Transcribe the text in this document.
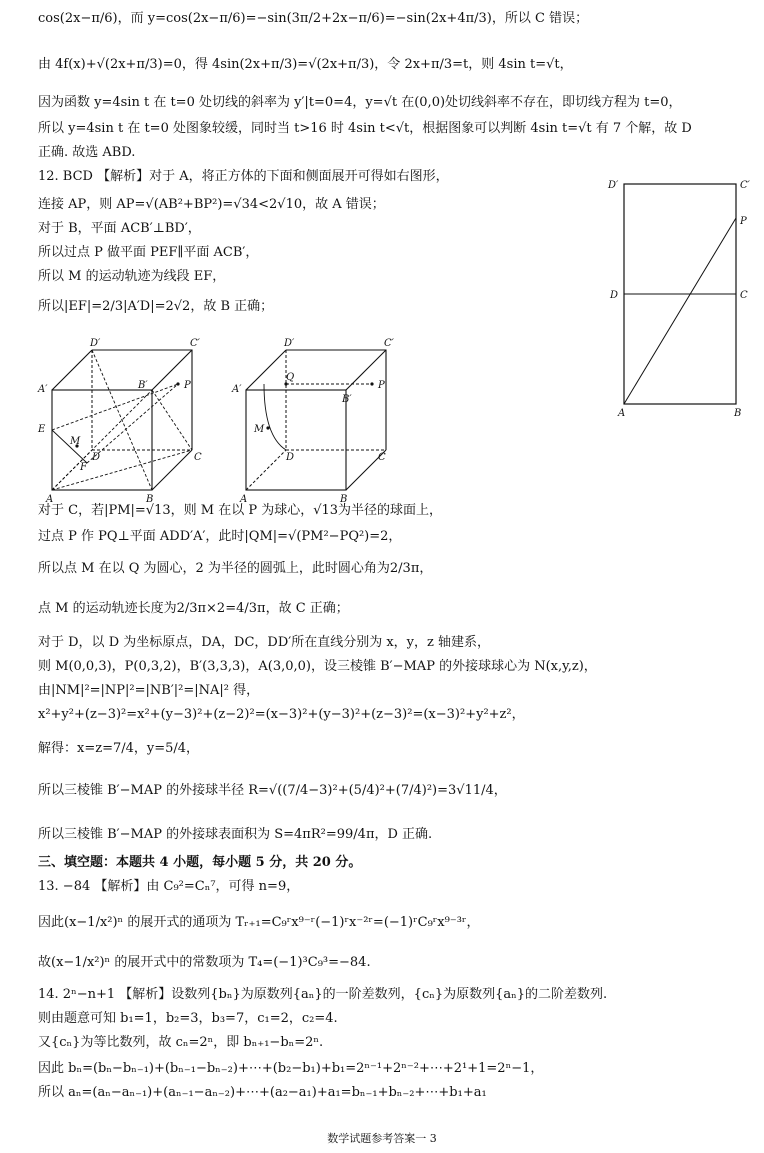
cos(2x−π/6)，而 y=cos(2x−π/6)=−sin(3π/2+2x−π/6)=−sin(2x+4π/3)，所以 C 错误；
由 4f(x)+√(2x+π/3)=0，得 4sin(2x+π/3)=√(2x+π/3)，令 2x+π/3=t，则 4sin t=√t，
因为函数 y=4sin t 在 t=0 处切线的斜率为 y′|t=0=4，y=√t 在(0,0)处切线斜率不存在，即切线方程为 t=0，
所以 y=4sin t 在 t=0 处图象较缓，同时当 t>16 时 4sin t<√t，根据图象可以判断 4sin t=√t 有 7 个解，故 D
正确. 故选 ABD.
12. BCD 【解析】对于 A，将正方体的下面和侧面展开可得如右图形，
连接 AP，则 AP=√(AB²+BP²)=√34<2√10，故 A 错误；
对于 B，平面 ACB′⊥BD′，
所以过点 P 做平面 PEF∥平面 ACB′，
所以 M 的运动轨迹为线段 EF，
所以|EF|=2/3|A′D|=2√2，故 B 正确；
对于 C，若|PM|=√13，则 M 在以 P 为球心，√13为半径的球面上，
过点 P 作 PQ⊥平面 ADD′A′，此时|QM|=√(PM²−PQ²)=2，
所以点 M 在以 Q 为圆心，2 为半径的圆弧上，此时圆心角为2/3π，
点 M 的运动轨迹长度为2/3π×2=4/3π，故 C 正确；
对于 D，以 D 为坐标原点，DA，DC，DD′所在直线分别为 x，y，z 轴建系，
则 M(0,0,3)，P(0,3,2)，B′(3,3,3)，A(3,0,0)，设三棱锥 B′−MAP 的外接球球心为 N(x,y,z)，
由|NM|²=|NP|²=|NB′|²=|NA|² 得，
x²+y²+(z−3)²=x²+(y−3)²+(z−2)²=(x−3)²+(y−3)²+(z−3)²=(x−3)²+y²+z²，
解得：x=z=7/4，y=5/4，
所以三棱锥 B′−MAP 的外接球半径 R=√((7/4−3)²+(5/4)²+(7/4)²)=3√11/4，
所以三棱锥 B′−MAP 的外接球表面积为 S=4πR²=99/4π，D 正确.
三、填空题：本题共 4 小题，每小题 5 分，共 20 分。
13. −84 【解析】由 C₉²=Cₙ⁷，可得 n=9，
因此(x−1/x²)ⁿ 的展开式的通项为 Tᵣ₊₁=C₉ʳx⁹⁻ʳ(−1)ʳx⁻²ʳ=(−1)ʳC₉ʳx⁹⁻³ʳ，
故(x−1/x²)ⁿ 的展开式中的常数项为 T₄=(−1)³C₉³=−84.
14. 2ⁿ−n+1 【解析】设数列{bₙ}为原数列{aₙ}的一阶差数列，{cₙ}为原数列{aₙ}的二阶差数列.
则由题意可知 b₁=1，b₂=3，b₃=7，c₁=2，c₂=4.
又{cₙ}为等比数列，故 cₙ=2ⁿ，即 bₙ₊₁−bₙ=2ⁿ.
因此 bₙ=(bₙ−bₙ₋₁)+(bₙ₋₁−bₙ₋₂)+⋯+(b₂−b₁)+b₁=2ⁿ⁻¹+2ⁿ⁻²+⋯+2¹+1=2ⁿ−1，
所以 aₙ=(aₙ−aₙ₋₁)+(aₙ₋₁−aₙ₋₂)+⋯+(a₂−a₁)+a₁=bₙ₋₁+bₙ₋₂+⋯+b₁+a₁
D′	C′
P
D	C
A	B
D′	C′
A′	B′	P
E
M
D
F
C
A	B
D′	C′
A′
Q
B′
P
M
D	C
A	B
数学试题参考答案一 3
